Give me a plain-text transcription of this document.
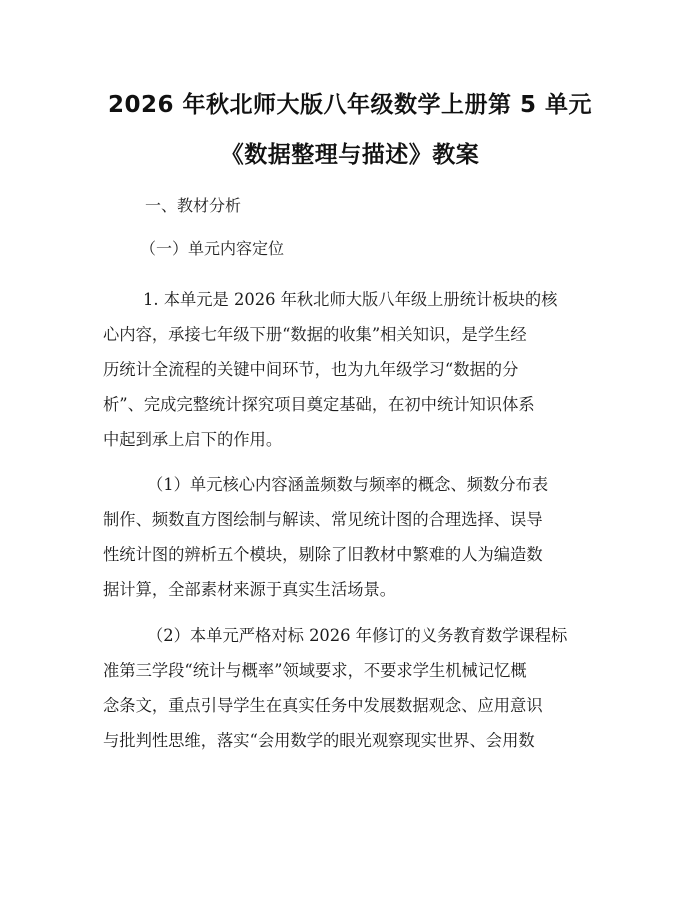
2026 年秋北师大版八年级数学上册第 5 单元
《数据整理与描述》教案
一、教材分析
（一）单元内容定位
1. 本单元是 2026 年秋北师大版八年级上册统计板块的核
心内容，承接七年级下册“数据的收集”相关知识，是学生经
历统计全流程的关键中间环节，也为九年级学习“数据的分
析”、完成完整统计探究项目奠定基础，在初中统计知识体系
中起到承上启下的作用。
（1）单元核心内容涵盖频数与频率的概念、频数分布表
制作、频数直方图绘制与解读、常见统计图的合理选择、误导
性统计图的辨析五个模块，剔除了旧教材中繁难的人为编造数
据计算，全部素材来源于真实生活场景。
（2）本单元严格对标 2026 年修订的义务教育数学课程标
准第三学段“统计与概率”领域要求，不要求学生机械记忆概
念条文，重点引导学生在真实任务中发展数据观念、应用意识
与批判性思维，落实“会用数学的眼光观察现实世界、会用数
